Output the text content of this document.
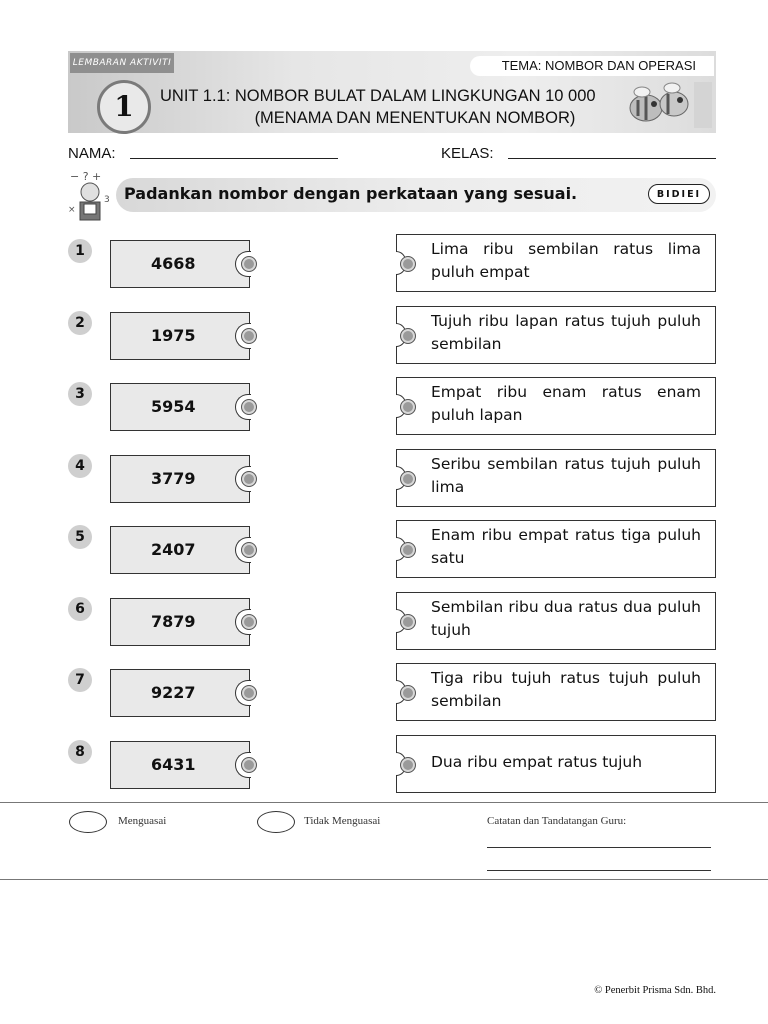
LEMBARAN AKTIVITI	TEMA: NOMBOR DAN OPERASI
1	UNIT 1.1: NOMBOR BULAT DALAM LINGKUNGAN 10 000
(MENAMA DAN MENENTUKAN NOMBOR)
NAMA:	KELAS:
− ? +
3
×
Padankan nombor dengan perkataan yang sesuai.	BIDIEI
1
4668
Lima ribu sembilan ratus lima puluh empat
2
1975
Tujuh ribu lapan ratus tujuh puluh sembilan
3
5954
Empat ribu enam ratus enam puluh lapan
4
3779
Seribu sembilan ratus tujuh puluh lima
5
2407
Enam ribu empat ratus tiga puluh satu
6
7879
Sembilan ribu dua ratus dua puluh tujuh
7
9227
Tiga ribu tujuh ratus tujuh puluh sembilan
8
6431	Dua ribu empat ratus tujuh
Menguasai	Tidak Menguasai	Catatan dan Tandatangan Guru:
© Penerbit Prisma Sdn. Bhd.
